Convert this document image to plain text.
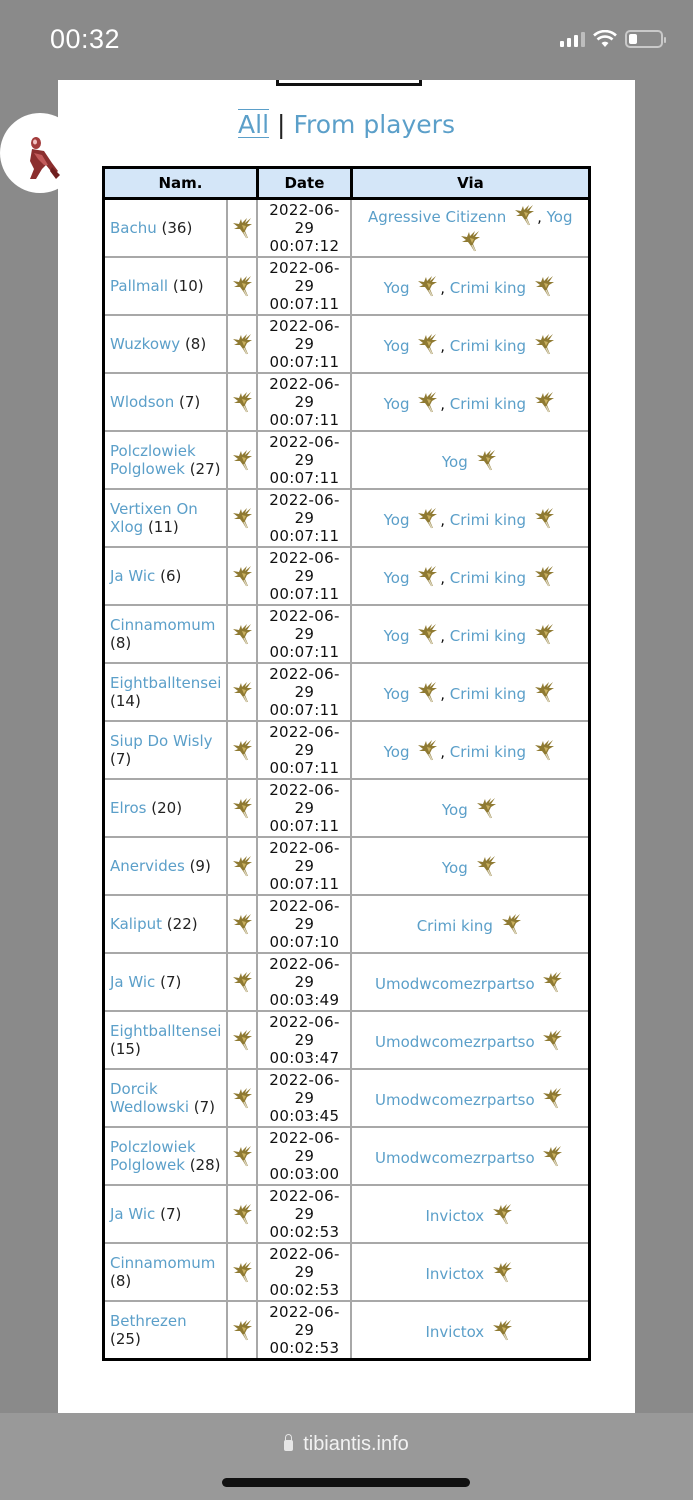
00:32
All | From players
Nam.		Date	Via
Bachu (36)		2022-06-
29
00:07:12	Agressive Citizenn , Yog
Pallmall (10)		2022-06-
29
00:07:11	Yog , Crimi king
Wuzkowy (8)		2022-06-
29
00:07:11	Yog , Crimi king
Wlodson (7)		2022-06-
29
00:07:11	Yog , Crimi king
Polczlowiek Polglowek (27)		2022-06-
29
00:07:11	Yog
Vertixen On Xlog (11)		2022-06-
29
00:07:11	Yog , Crimi king
Ja Wic (6)		2022-06-
29
00:07:11	Yog , Crimi king
Cinnamomum (8)		2022-06-
29
00:07:11	Yog , Crimi king
Eightballtensei (14)		2022-06-
29
00:07:11	Yog , Crimi king
Siup Do Wisly (7)		2022-06-
29
00:07:11	Yog , Crimi king
Elros (20)		2022-06-
29
00:07:11	Yog
Anervides (9)		2022-06-
29
00:07:11	Yog
Kaliput (22)		2022-06-
29
00:07:10	Crimi king
Ja Wic (7)		2022-06-
29
00:03:49	Umodwcomezrpartso
Eightballtensei (15)		2022-06-
29
00:03:47	Umodwcomezrpartso
Dorcik Wedlowski (7)		2022-06-
29
00:03:45	Umodwcomezrpartso
Polczlowiek Polglowek (28)		2022-06-
29
00:03:00	Umodwcomezrpartso
Ja Wic (7)		2022-06-
29
00:02:53	Invictox
Cinnamomum (8)		2022-06-
29
00:02:53	Invictox
Bethrezen (25)		2022-06-
29
00:02:53	Invictox
tibiantis.info
